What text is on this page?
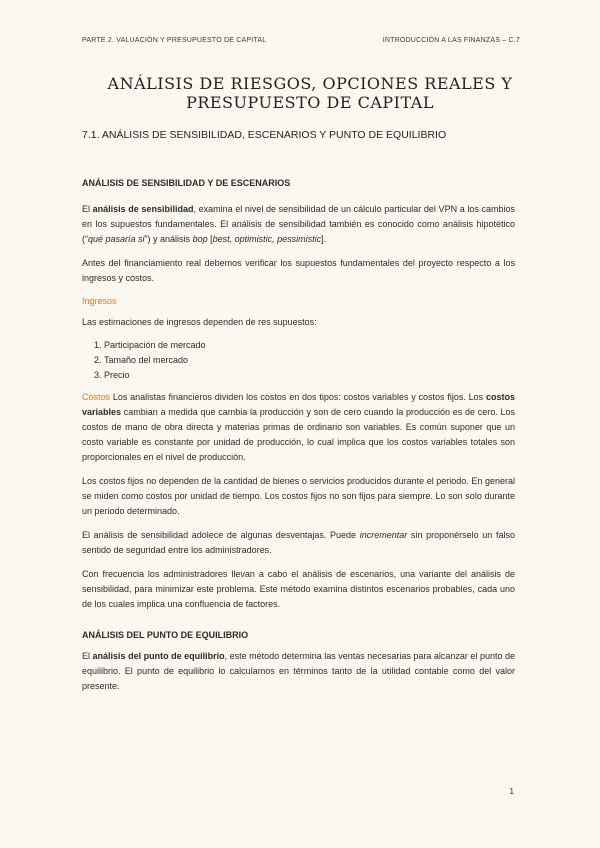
PARTE 2. VALUACIÓN Y PRESUPUESTO DE CAPITAL	INTRODUCCIÓN A LAS FINANZAS – C.7
ANÁLISIS DE RIESGOS, OPCIONES REALES Y PRESUPUESTO DE CAPITAL
7.1. ANÁLISIS DE SENSIBILIDAD, ESCENARIOS Y PUNTO DE EQUILIBRIO
ANÁLISIS DE SENSIBILIDAD Y DE ESCENARIOS

El análisis de sensibilidad, examina el nivel de sensibilidad de un cálculo particular del VPN a los cambios en los supuestos fundamentales. El análisis de sensibilidad también es conocido como análisis hipotético (“qué pasaría si”) y análisis bop [best, optimistic, pessimistic].

Antes del financiamiento real debemos verificar los supuestos fundamentales del proyecto respecto a los ingresos y costos.

Ingresos

Las estimaciones de ingresos dependen de res supuestos:

1. Participación de mercado
2. Tamaño del mercado
3. Precio

Costos Los analistas financieros dividen los costos en dos tipos: costos variables y costos fijos. Los costos variables cambian a medida que cambia la producción y son de cero cuando la producción es de cero. Los costos de mano de obra directa y materias primas de ordinario son variables. Es común suponer que un costo variable es constante por unidad de producción, lo cual implica que los costos variables totales son proporcionales en el nivel de producción.

Los costos fijos no dependen de la cantidad de bienes o servicios producidos durante el periodo. En general se miden como costos por unidad de tiempo. Los costos fijos no son fijos para siempre. Lo son solo durante un periodo determinado.

El análisis de sensibilidad adolece de algunas desventajas. Puede incrementar sin proponérselo un falso sentido de seguridad entre los administradores.

Con frecuencia los administradores llevan a cabo el análisis de escenarios, una variante del análisis de sensibilidad, para minimizar este problema. Este método examina distintos escenarios probables, cada uno de los cuales implica una confluencia de factores.

ANÁLISIS DEL PUNTO DE EQUILIBRIO

El análisis del punto de equilibrio, este método determina las ventas necesarias para alcanzar el punto de equilibrio. El punto de equilibrio lo calculamos en términos tanto de la utilidad contable como del valor presente.

1
